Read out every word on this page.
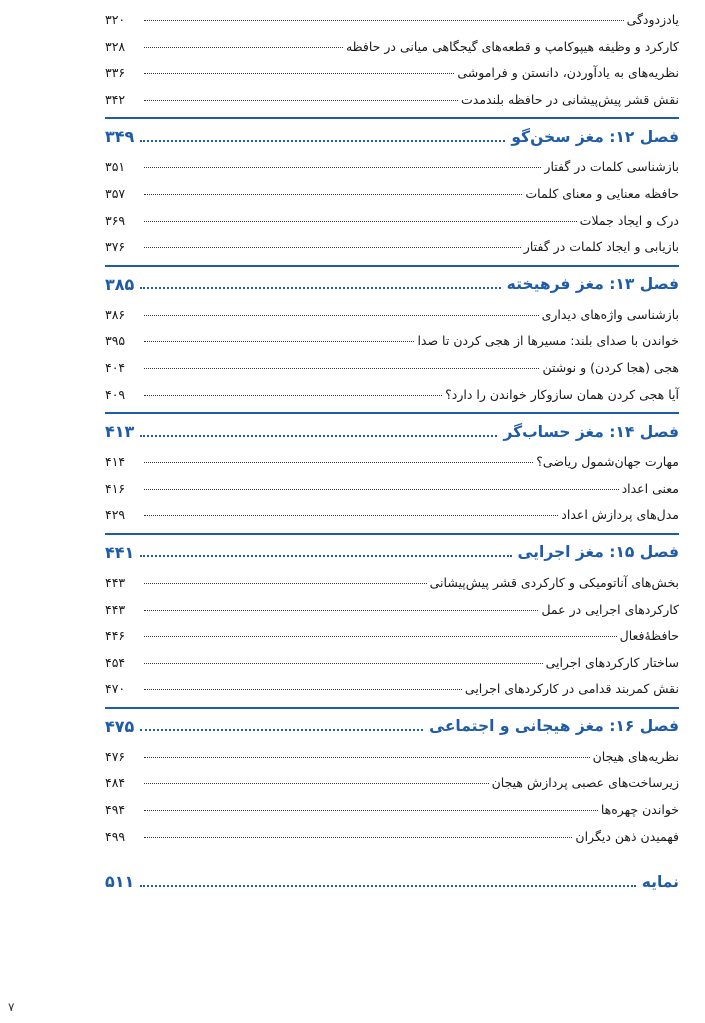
یادزدودگی
۳۲۰
کارکرد و وظیفه هیپوکامپ و قطعه‌های گیجگاهی میانی در حافظه
۳۲۸
نظریه‌های به یادآوردن، دانستن و فراموشی
۳۳۶
نقش قشر پیش‌پیشانی در حافظه بلندمدت
۳۴۲
فصل ۱۲: مغز سخن‌گو
۳۴۹
بازشناسی کلمات در گفتار
۳۵۱
حافظه معنایی و معنای کلمات
۳۵۷
درک و ایجاد جملات
۳۶۹
بازیابی و ایجاد کلمات در گفتار
۳۷۶
فصل ۱۳: مغز فرهیخته
۳۸۵
بازشناسی واژه‌های دیداری
۳۸۶
خواندن با صدای بلند: مسیرها از هجی کردن تا صدا
۳۹۵
هجی (هجا کردن) و نوشتن
۴۰۴
آیا هجی کردن همان سازوکار خواندن را دارد؟
۴۰۹
فصل ۱۴: مغز حساب‌گر
۴۱۳
مهارت جهان‌شمول ریاضی؟
۴۱۴
معنی اعداد
۴۱۶
مدل‌های پردازش اعداد
۴۲۹
فصل ۱۵: مغز اجرایی
۴۴۱
بخش‌های آناتومیکی و کارکردی قشر پیش‌پیشانی
۴۴۳
کارکردهای اجرایی در عمل
۴۴۳
حافظهٔ‌فعال
۴۴۶
ساختار کارکردهای اجرایی
۴۵۴
نقش کمربند قدامی در کارکردهای اجرایی
۴۷۰
فصل ۱۶: مغز هیجانی و اجتماعی
۴۷۵
نظریه‌های هیجان
۴۷۶
زیرساخت‌های عصبی پردازش هیجان
۴۸۴
خواندن چهره‌ها
۴۹۴
فهمیدن ذهن دیگران
۴۹۹
نمایه
۵۱۱
۷
